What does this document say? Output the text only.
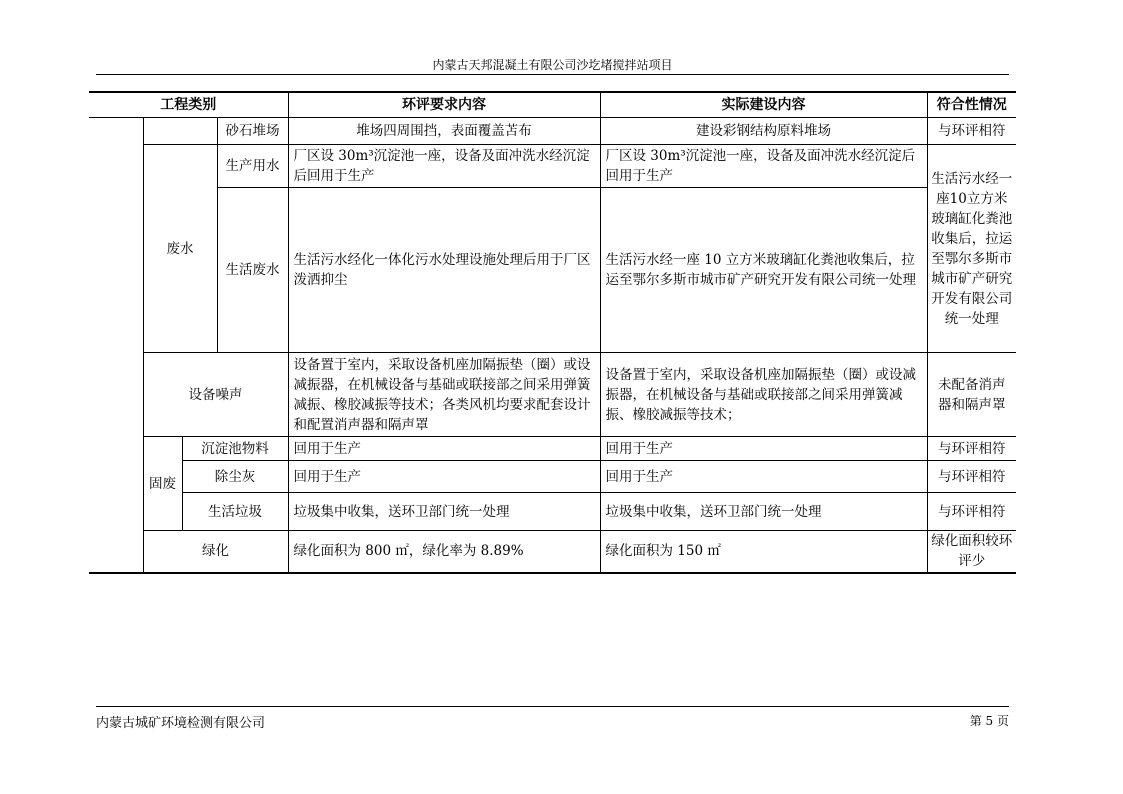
内蒙古天邦混凝土有限公司沙圪堵搅拌站项目
工程类别				环评要求内容	实际建设内容	符合性情况
			砂石堆场	堆场四周围挡，表面覆盖苫布	建设彩钢结构原料堆场	与环评相符
	废水		生产用水	厂区设 30m³沉淀池一座，设备及面冲洗水经沉淀后回用于生产	厂区设 30m³沉淀池一座，设备及面冲洗水经沉淀后回用于生产	生活污水经一座10立方米玻璃缸化粪池收集后，拉运至鄂尔多斯市城市矿产研究开发有限公司统一处理
			生活废水	生活污水经化一体化污水处理设施处理后用于厂区泼洒抑尘	生活污水经一座 10 立方米玻璃缸化粪池收集后，拉运至鄂尔多斯市城市矿产研究开发有限公司统一处理	
	设备噪声			设备置于室内，采取设备机座加隔振垫（圈）或设减振器，在机械设备与基础或联接部之间采用弹簧减振、橡胶减振等技术；各类风机均要求配套设计和配置消声器和隔声罩	设备置于室内，采取设备机座加隔振垫（圈）或设减振器，在机械设备与基础或联接部之间采用弹簧减振、橡胶减振等技术；	未配备消声器和隔声罩
	固废	沉淀池物料		回用于生产	回用于生产	与环评相符
		除尘灰		回用于生产	回用于生产	与环评相符
		生活垃圾		垃圾集中收集，送环卫部门统一处理	垃圾集中收集，送环卫部门统一处理	与环评相符
	绿化			绿化面积为 800 ㎡，绿化率为 8.89%	绿化面积为 150 ㎡	绿化面积较环评少
内蒙古城矿环境检测有限公司	第 5 页
